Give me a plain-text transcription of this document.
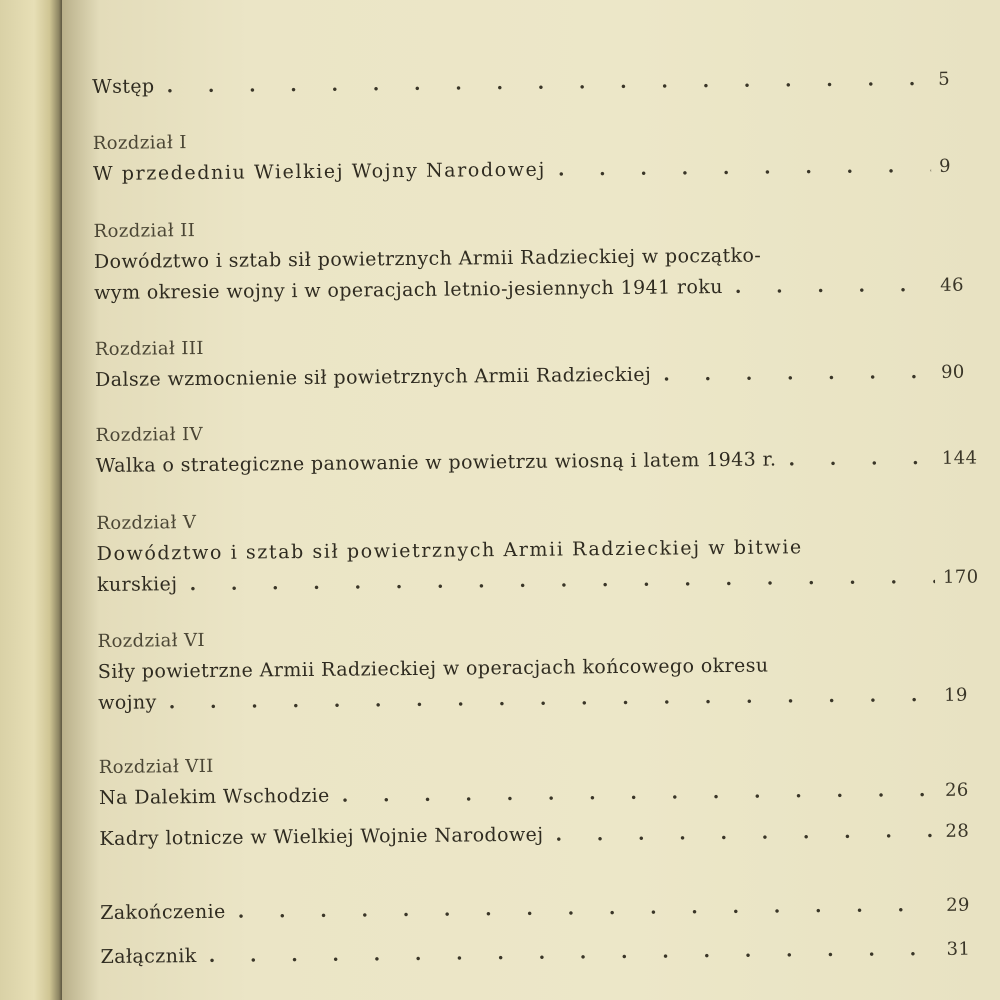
Wstęp . . .	5
Rozdział I
W przededniu Wielkiej Wojny Narodowej . . .	9
Rozdział II
Dowództwo i sztab sił powietrznych Armii Radzieckiej w początko-
wym okresie wojny i w operacjach letnio-jesiennych 1941 roku . . .	46
Rozdział III
Dalsze wzmocnienie sił powietrznych Armii Radzieckiej . . .	90
Rozdział IV
Walka o strategiczne panowanie w powietrzu wiosną i latem 1943 r. . . .	144
Rozdział V
Dowództwo i sztab sił powietrznych Armii Radzieckiej w bitwie
kurskiej . . .	170
Rozdział VI
Siły powietrzne Armii Radzieckiej w operacjach końcowego okresu
wojny . . .	19
Rozdział VII
Na Dalekim Wschodzie . . .	26
Kadry lotnicze w Wielkiej Wojnie Narodowej . . .	28
Zakończenie . . .	29
Załącznik . . .	31
